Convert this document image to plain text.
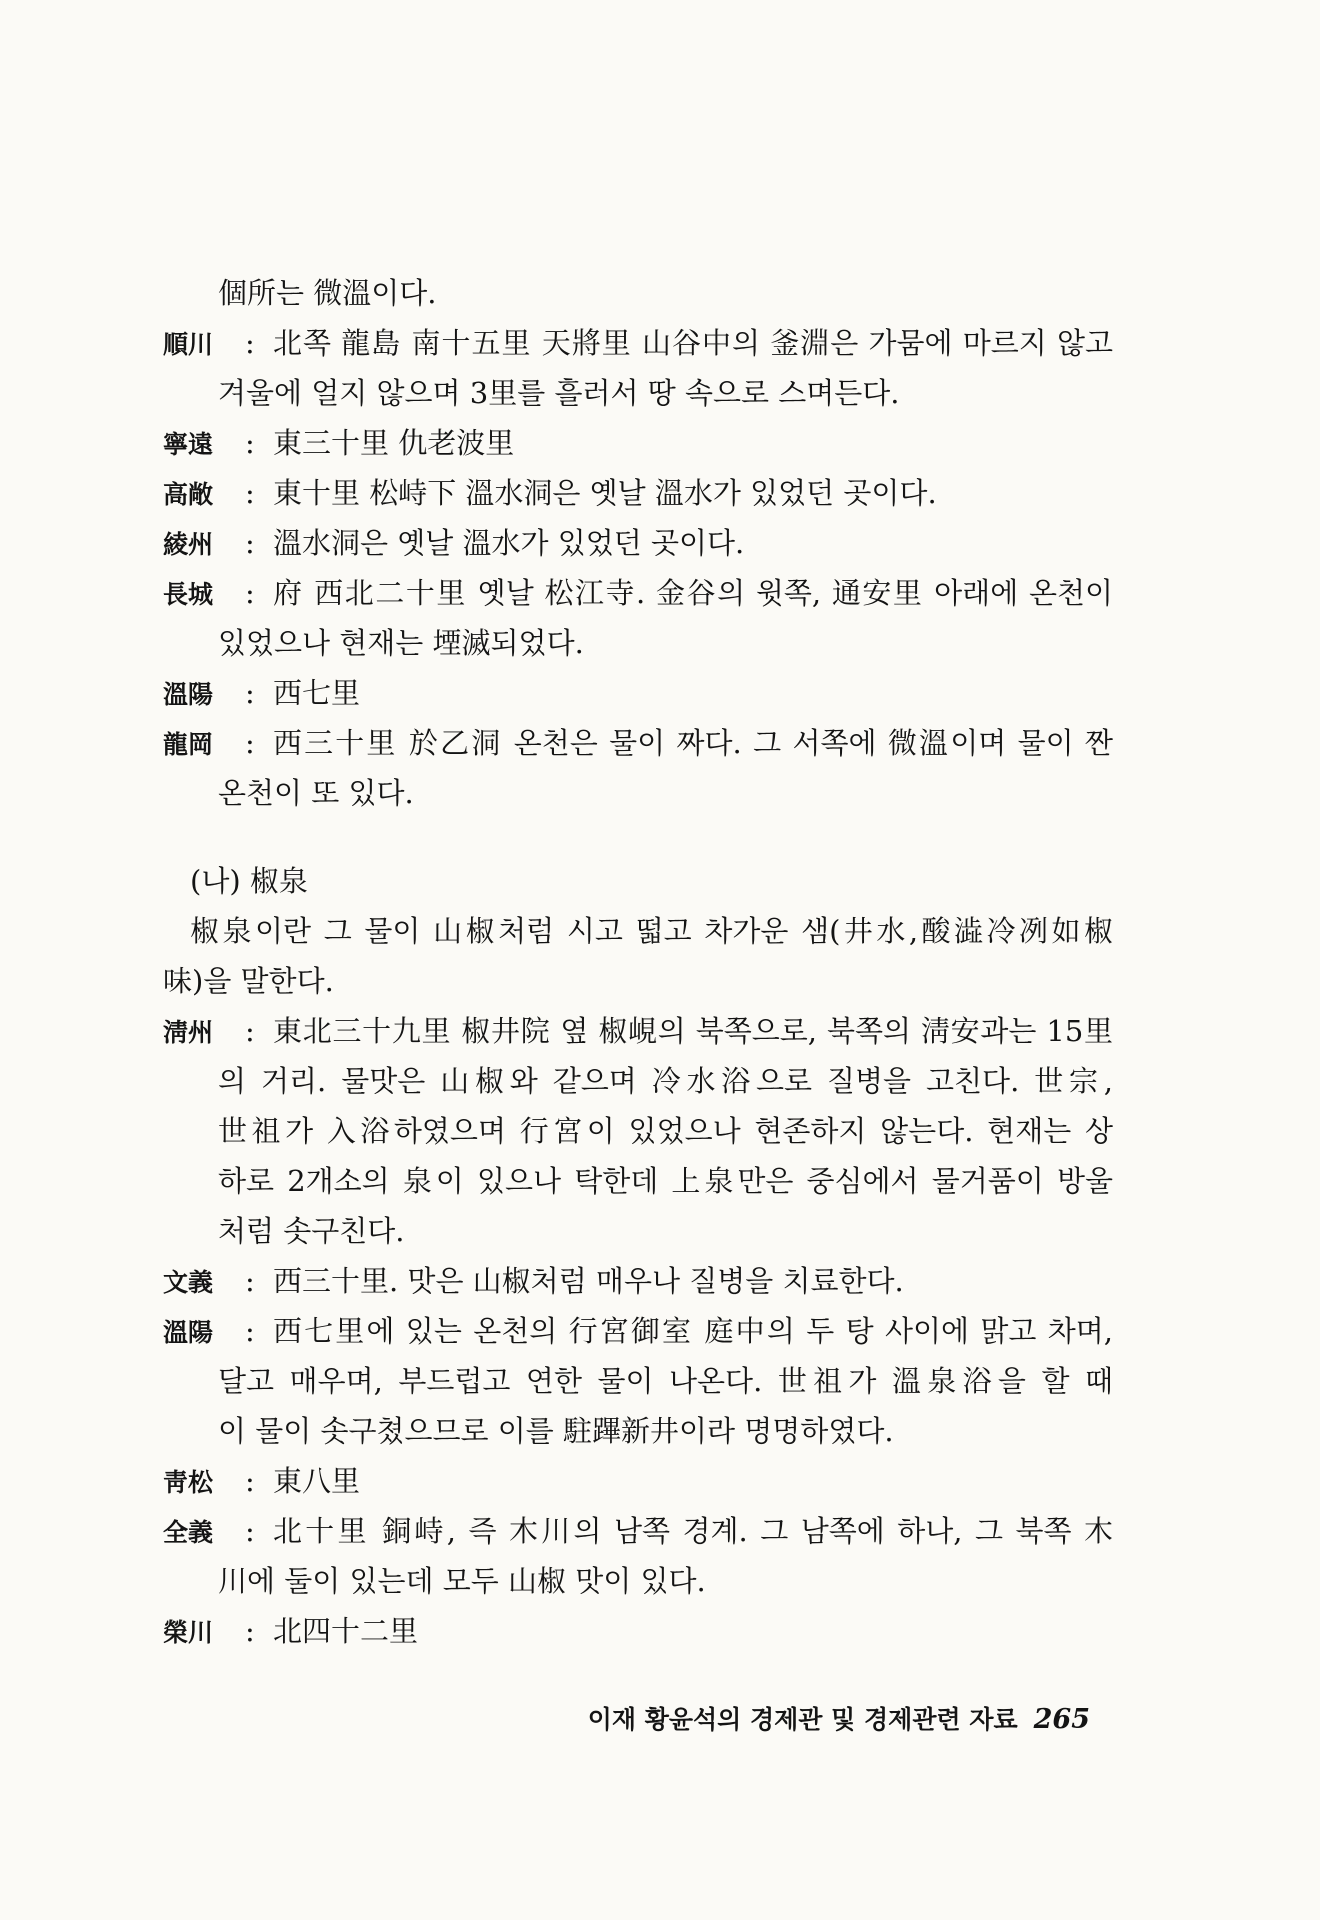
個所는 微溫이다.
順川	: 北쪽 龍島 南十五里 天將里 山谷中의 釜淵은 가뭄에 마르지 않고
겨울에 얼지 않으며 3里를 흘러서 땅 속으로 스며든다.
寧遠	: 東三十里 仇老波里
高敞	: 東十里 松峙下 溫水洞은 옛날 溫水가 있었던 곳이다.
綾州	: 溫水洞은 옛날 溫水가 있었던 곳이다.
長城	: 府 西北二十里 옛날 松江寺. 金谷의 윗쪽, 通安里 아래에 온천이
있었으나 현재는 堙滅되었다.
溫陽	: 西七里
龍岡	: 西三十里 於乙洞 온천은 물이 짜다. 그 서쪽에 微溫이며 물이 짠
온천이 또 있다.
(나) 椒泉
椒泉이란 그 물이 山椒처럼 시고 떫고 차가운 샘(井水,酸澁冷冽如椒
味)을 말한다.
淸州	: 東北三十九里 椒井院 옆 椒峴의 북쪽으로, 북쪽의 淸安과는 15里
의 거리. 물맛은 山椒와 같으며 冷水浴으로 질병을 고친다. 世宗,
世祖가 入浴하였으며 行宮이 있었으나 현존하지 않는다. 현재는 상
하로 2개소의 泉이 있으나 탁한데 上泉만은 중심에서 물거품이 방울
처럼 솟구친다.
文義	: 西三十里. 맛은 山椒처럼 매우나 질병을 치료한다.
溫陽	: 西七里에 있는 온천의 行宮御室 庭中의 두 탕 사이에 맑고 차며,
달고 매우며, 부드럽고 연한 물이 나온다. 世祖가 溫泉浴을 할 때
이 물이 솟구쳤으므로 이를 駐蹕新井이라 명명하였다.
靑松	: 東八里
全義	: 北十里 銅峙, 즉 木川의 남쪽 경계. 그 남쪽에 하나, 그 북쪽 木
川에 둘이 있는데 모두 山椒 맛이 있다.
榮川	: 北四十二里
이재 황윤석의 경제관 및 경제관련 자료 265
